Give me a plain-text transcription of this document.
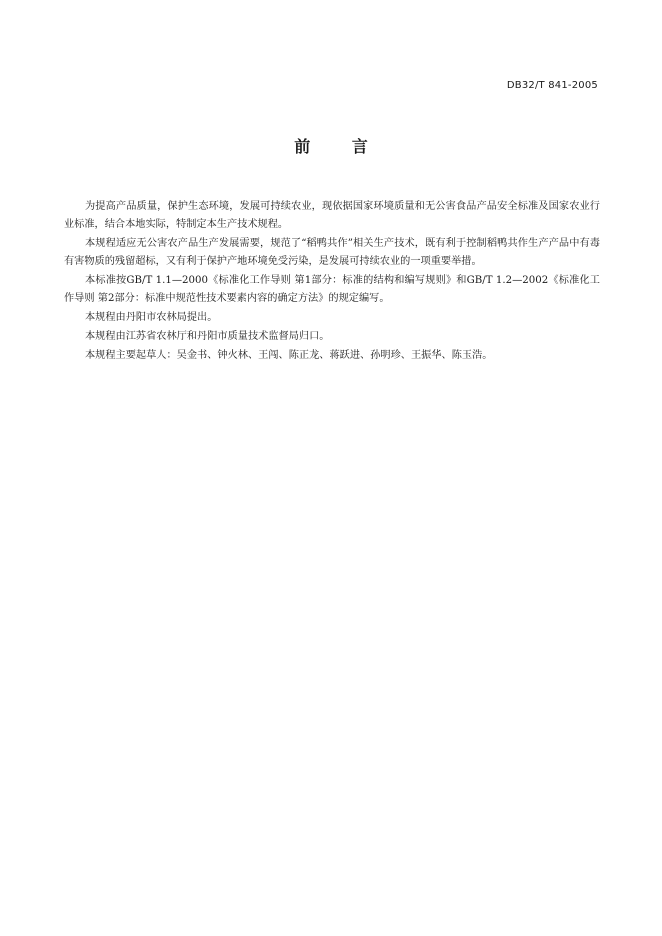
DB32/T 841-2005
前 言

为提高产品质量，保护生态环境，发展可持续农业，现依据国家环境质量和无公害食品产品安全标准及国家农业行业标准，结合本地实际，特制定本生产技术规程。

本规程适应无公害农产品生产发展需要，规范了“稻鸭共作”相关生产技术，既有利于控制稻鸭共作生产产品中有毒有害物质的残留超标，又有利于保护产地环境免受污染，是发展可持续农业的一项重要举措。

本标准按GB/T 1.1—2000《标准化工作导则 第1部分：标准的结构和编写规则》和GB/T 1.2—2002《标准化工作导则 第2部分：标准中规范性技术要素内容的确定方法》的规定编写。

本规程由丹阳市农林局提出。

本规程由江苏省农林厅和丹阳市质量技术监督局归口。

本规程主要起草人：吴金书、钟火林、王闯、陈正龙、蒋跃进、孙明珍、王振华、陈玉浩。
